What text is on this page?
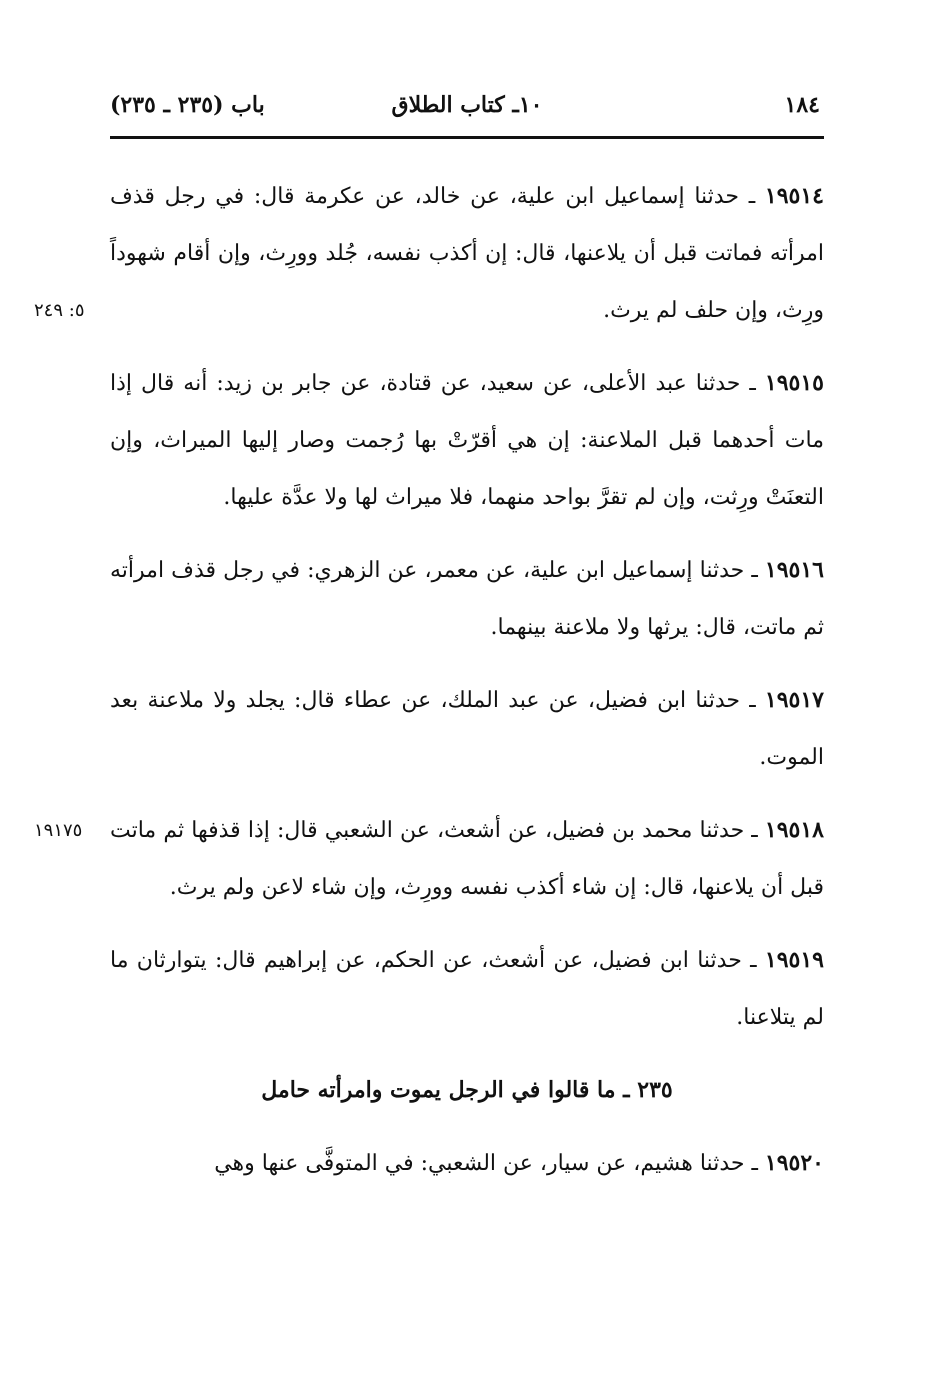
١٨٤
١٠ـ كتاب الطلاق
باب (٢٣٥ ـ ٢٣٥)

٥: ٢٤٩
١٩٥١٤ ـ حدثنا إسماعيل ابن علية، عن خالد، عن عكرمة قال: في رجل قذف امرأته فماتت قبل أن يلاعنها، قال: إن أكذب نفسه، جُلد وورِث، وإن أقام شهوداً ورِث، وإن حلف لم يرث.

١٩٥١٥ ـ حدثنا عبد الأعلى، عن سعيد، عن قتادة، عن جابر بن زيد: أنه قال إذا مات أحدهما قبل الملاعنة: إن هي أقرّتْ بها رُجمت وصار إليها الميراث، وإن التعنَتْ ورِثت، وإن لم تقرَّ بواحد منهما، فلا ميراث لها ولا عدَّة عليها.

١٩٥١٦ ـ حدثنا إسماعيل ابن علية، عن معمر، عن الزهري: في رجل قذف امرأته ثم ماتت، قال: يرثها ولا ملاعنة بينهما.

١٩٥١٧ ـ حدثنا ابن فضيل، عن عبد الملك، عن عطاء قال: يجلد ولا ملاعنة بعد الموت.

١٩١٧٥	١٩٥١٨ ـ حدثنا محمد بن فضيل، عن أشعث، عن الشعبي قال: إذا قذفها ثم ماتت قبل أن يلاعنها، قال: إن شاء أكذب نفسه وورِث، وإن شاء لاعن ولم يرث.

١٩٥١٩ ـ حدثنا ابن فضيل، عن أشعث، عن الحكم، عن إبراهيم قال: يتوارثان ما لم يتلاعنا.

٢٣٥ ـ ما قالوا في الرجل يموت وامرأته حامل

١٩٥٢٠ ـ حدثنا هشيم، عن سيار، عن الشعبي: في المتوفَّى عنها وهي
